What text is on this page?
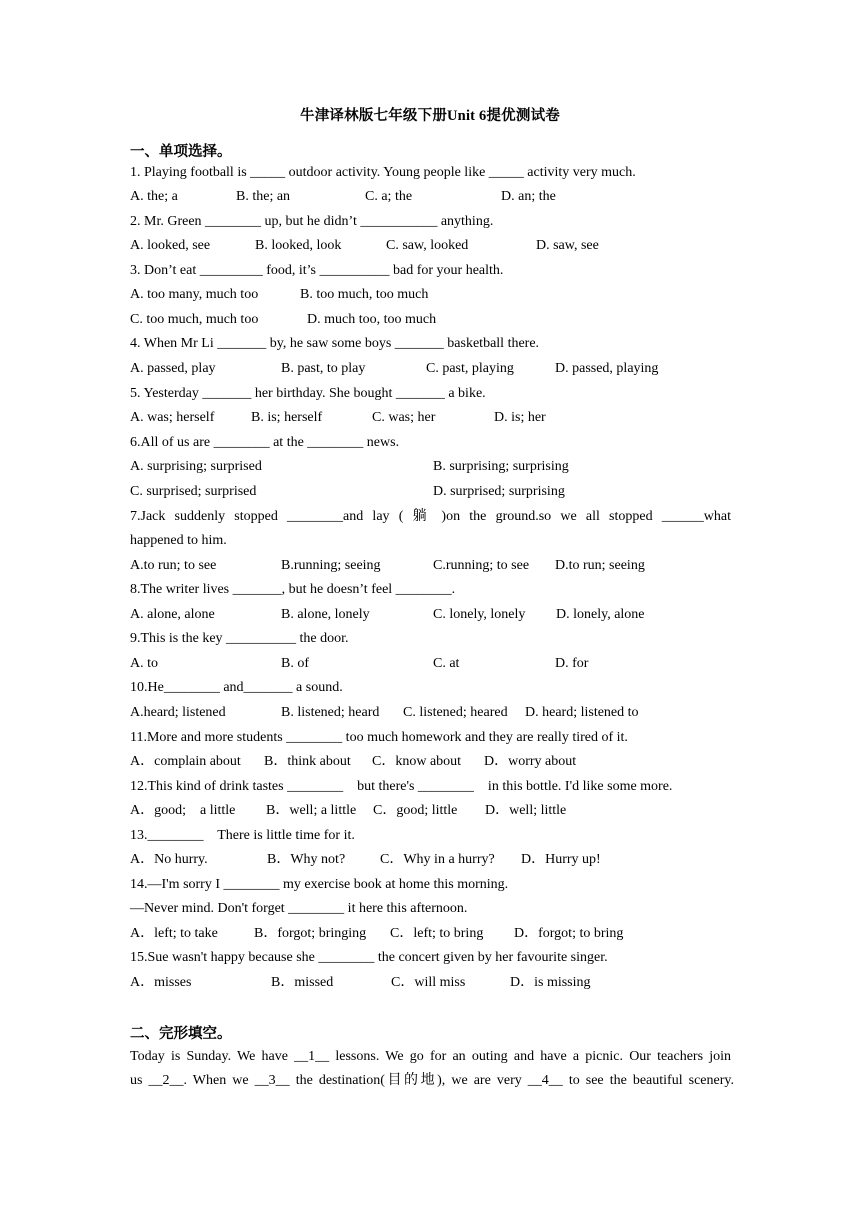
牛津译林版七年级下册Unit 6提优测试卷
一、单项选择。
1. Playing football is _____ outdoor activity. Young people like _____ activity very much.
A. the; a	B. the; an	C. a; the	D. an; the
2. Mr. Green ________ up, but he didn’t ___________ anything.
A. looked, see	B. looked, look	C. saw, looked	D. saw, see
3. Don’t eat _________ food, it’s __________ bad for your health.
A. too many, much too	B. too much, too much
C. too much, much too	D. much too, too much
4. When Mr Li _______ by, he saw some boys _______ basketball there.
A. passed, play	B. past, to play	C. past, playing	D. passed, playing
5. Yesterday _______ her birthday. She bought _______ a bike.
A. was; herself	B. is; herself	C. was; her	D. is; her
6.All of us are ________ at the ________ news.
A. surprising; surprised	B. surprising; surprising
C. surprised; surprised	D. surprised; surprising
7.Jack suddenly stopped ________and lay ( 躺 )on the ground.so we all stopped ______what
happened to him.
A.to run; to see	B.running; seeing	C.running; to see D.to run; seeing
8.The writer lives _______, but he doesn’t feel ________.
A. alone, alone	B. alone, lonely	C. lonely, lonely D. lonely, alone
9.This is the key __________ the door.
A. to	B. of	C. at	D. for
10.He________ and_______ a sound.
A.heard; listened	B. listened; heard C. listened; heared D. heard; listened to
11.More and more students ________ too much homework and they are really tired of it.
A．complain about B．think about C．know about D．worry about
12.This kind of drink tastes ________    but there's ________    in this bottle. I'd like some more.
A．good;    a little B．well; a little C．good; little D．well; little
13.________    There is little time for it.
A．No hurry.	B．Why not? C．Why in a hurry? D．Hurry up!
14.—I'm sorry I ________ my exercise book at home this morning.
—Never mind. Don't forget ________ it here this afternoon.
A．left; to take	B．forgot; bringing C．left; to bring D．forgot; to bring
15.Sue wasn't happy because she ________ the concert given by her favourite singer.
A．misses	B．missed	C．will miss	D．is missing
二、完形填空。
Today is Sunday. We have __1__ lessons. We go for an outing and have a picnic. Our teachers join
us __2__. When we __3__ the destination(目的地), we are very __4__ to see the beautiful scenery.
